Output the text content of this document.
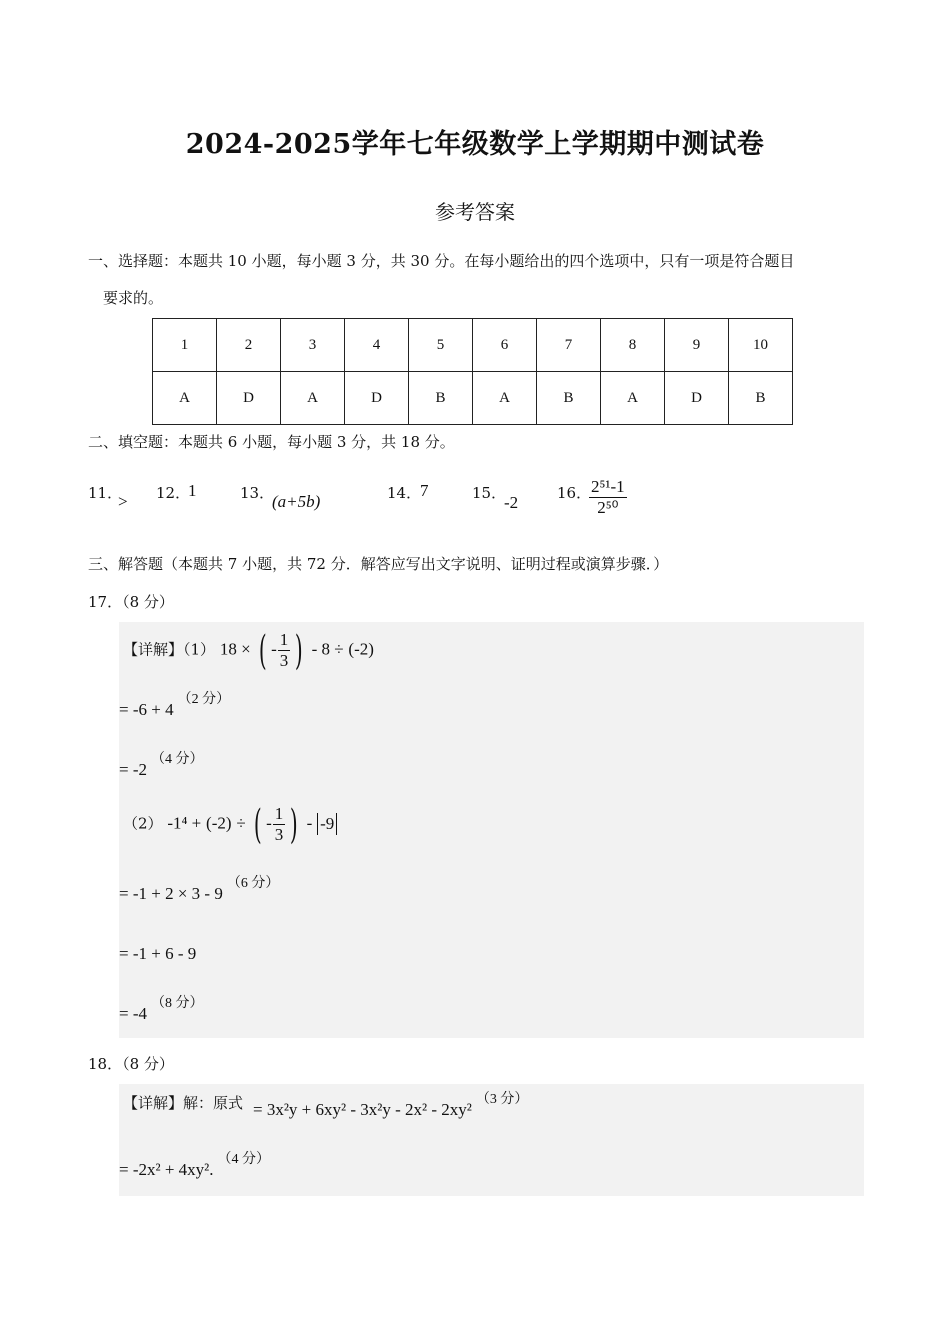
2024-2025学年七年级数学上学期期中测试卷
参考答案
一、选择题：本题共 10 小题，每小题 3 分，共 30 分。在每小题给出的四个选项中，只有一项是符合题目
要求的。
1	2	3	4	5	6	7	8	9	10
A	D	A	D	B	A	B	A	D	B
二、填空题：本题共 6 小题，每小题 3 分，共 18 分。
11．
> 12．
1	13．
(a+5b)	14．
7	15．
-2	16．
$\frac{\text{2⁵¹-1}}{\text{2⁵⁰}}$
三、解答题（本题共 7 小题，共 72 分．解答应写出文字说明、证明过程或演算步骤．）
17．（8 分）
【详解】（1） 18 × ( - $\frac{1}{3}$ ) - 8 ÷ (-2)
= -6 + 4$^{(2 分)}$
= -2$^{(4 分)}$
（2） -1⁴ + (-2) ÷ ( - $\frac{1}{3}$ ) - -9
= -1 + 2 × 3 - 9$^{(6 分)}$
= -1 + 6 - 9
= -4$^{(8 分)}$
18．（8 分）
【详解】解：原式 = 3x²y + 6xy² - 3x²y - 2x² - 2xy²$^{(3 分)}$
= -2x² + 4xy².$^{(4 分)}$
